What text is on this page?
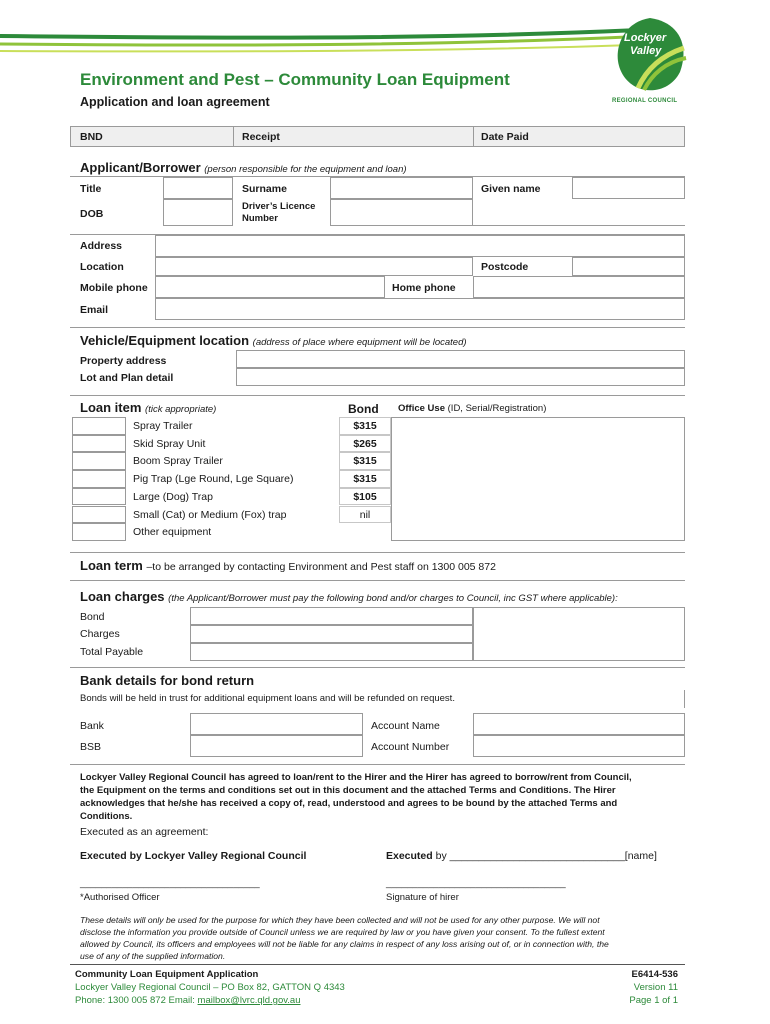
Lockyer
Valley
REGIONAL COUNCIL
Environment and Pest – Community Loan Equipment
Application and loan agreement
BND	Receipt	Date Paid
Applicant/Borrower (person responsible for the equipment and loan)
Title	Surname	Given name
DOB
Driver’s Licence
Number
Address
Location	Postcode
Mobile phone	Home phone
Email
Vehicle/Equipment location (address of place where equipment will be located)
Property address
Lot and Plan detail
Loan item (tick appropriate)	Bond Office Use (ID, Serial/Registration)
Spray Trailer	$315
Skid Spray Unit	$265
Boom Spray Trailer	$315
Pig Trap (Lge Round, Lge Square)	$315
Large (Dog) Trap	$105
Small (Cat) or Medium (Fox) trap	nil
Other equipment
Loan term –to be arranged by contacting Environment and Pest staff on 1300 005 872
Loan charges (the Applicant/Borrower must pay the following bond and/or charges to Council, inc GST where applicable):
Bond
Charges
Total Payable
Bank details for bond return
Bonds will be held in trust for additional equipment loans and will be refunded on request.
Bank	Account Name
BSB	Account Number
Lockyer Valley Regional Council has agreed to loan/rent to the Hirer and the Hirer has agreed to borrow/rent from Council,
the Equipment on the terms and conditions set out in this document and the attached Terms and Conditions. The Hirer
acknowledges that he/she has received a copy of, read, understood and agrees to be bound by the attached Terms and
Conditions.
Executed as an agreement:
Executed by Lockyer Valley Regional Council	Executed by ______________________________[name]
__________________________________	__________________________________
*Authorised Officer	Signature of hirer
These details will only be used for the purpose for which they have been collected and will not be used for any other purpose. We will not
disclose the information you provide outside of Council unless we are required by law or you have given your consent. To the fullest extent
allowed by Council, its officers and employees will not be liable for any claims in respect of any loss arising out of, or in connection with, the
use of any of the supplied information.
Community Loan Equipment Application
Lockyer Valley Regional Council – PO Box 82, GATTON Q 4343
Phone: 1300 005 872 Email: mailbox@lvrc.qld.gov.au
E6414-536
Version 11
Page 1 of 1
